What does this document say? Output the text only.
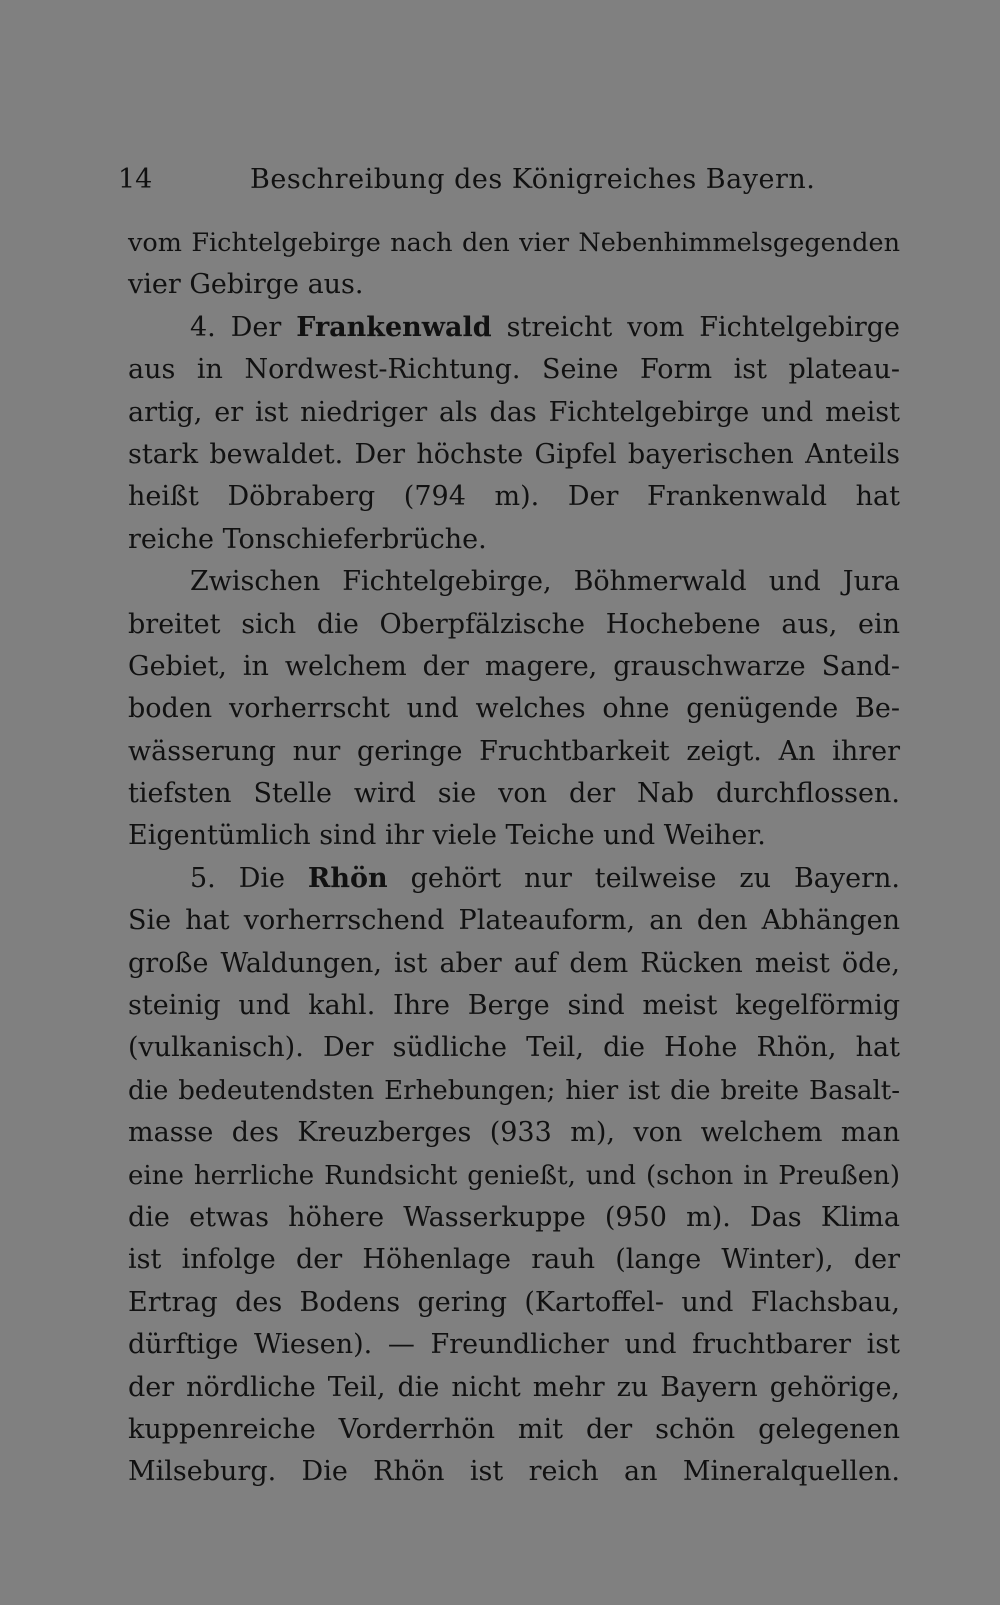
14	Beschreibung des Königreiches Bayern.
vom Fichtelgebirge nach den vier Nebenhimmelsgegenden
vier Gebirge aus.
4. Der Frankenwald streicht vom Fichtelgebirge
aus in Nordwest-Richtung. Seine Form ist plateau-
artig, er ist niedriger als das Fichtelgebirge und meist
stark bewaldet. Der höchste Gipfel bayerischen Anteils
heißt Döbraberg (794 m). Der Frankenwald hat
reiche Tonschieferbrüche.
Zwischen Fichtelgebirge, Böhmerwald und Jura
breitet sich die Oberpfälzische Hochebene aus, ein
Gebiet, in welchem der magere, grauschwarze Sand-
boden vorherrscht und welches ohne genügende Be-
wässerung nur geringe Fruchtbarkeit zeigt. An ihrer
tiefsten Stelle wird sie von der Nab durchflossen.
Eigentümlich sind ihr viele Teiche und Weiher.
5. Die Rhön gehört nur teilweise zu Bayern.
Sie hat vorherrschend Plateauform, an den Abhängen
große Waldungen, ist aber auf dem Rücken meist öde,
steinig und kahl. Ihre Berge sind meist kegelförmig
(vulkanisch). Der südliche Teil, die Hohe Rhön, hat
die bedeutendsten Erhebungen; hier ist die breite Basalt-
masse des Kreuzberges (933 m), von welchem man
eine herrliche Rundsicht genießt, und (schon in Preußen)
die etwas höhere Wasserkuppe (950 m). Das Klima
ist infolge der Höhenlage rauh (lange Winter), der
Ertrag des Bodens gering (Kartoffel- und Flachsbau,
dürftige Wiesen). — Freundlicher und fruchtbarer ist
der nördliche Teil, die nicht mehr zu Bayern gehörige,
kuppenreiche Vorderrhön mit der schön gelegenen
Milseburg. Die Rhön ist reich an Mineralquellen.
